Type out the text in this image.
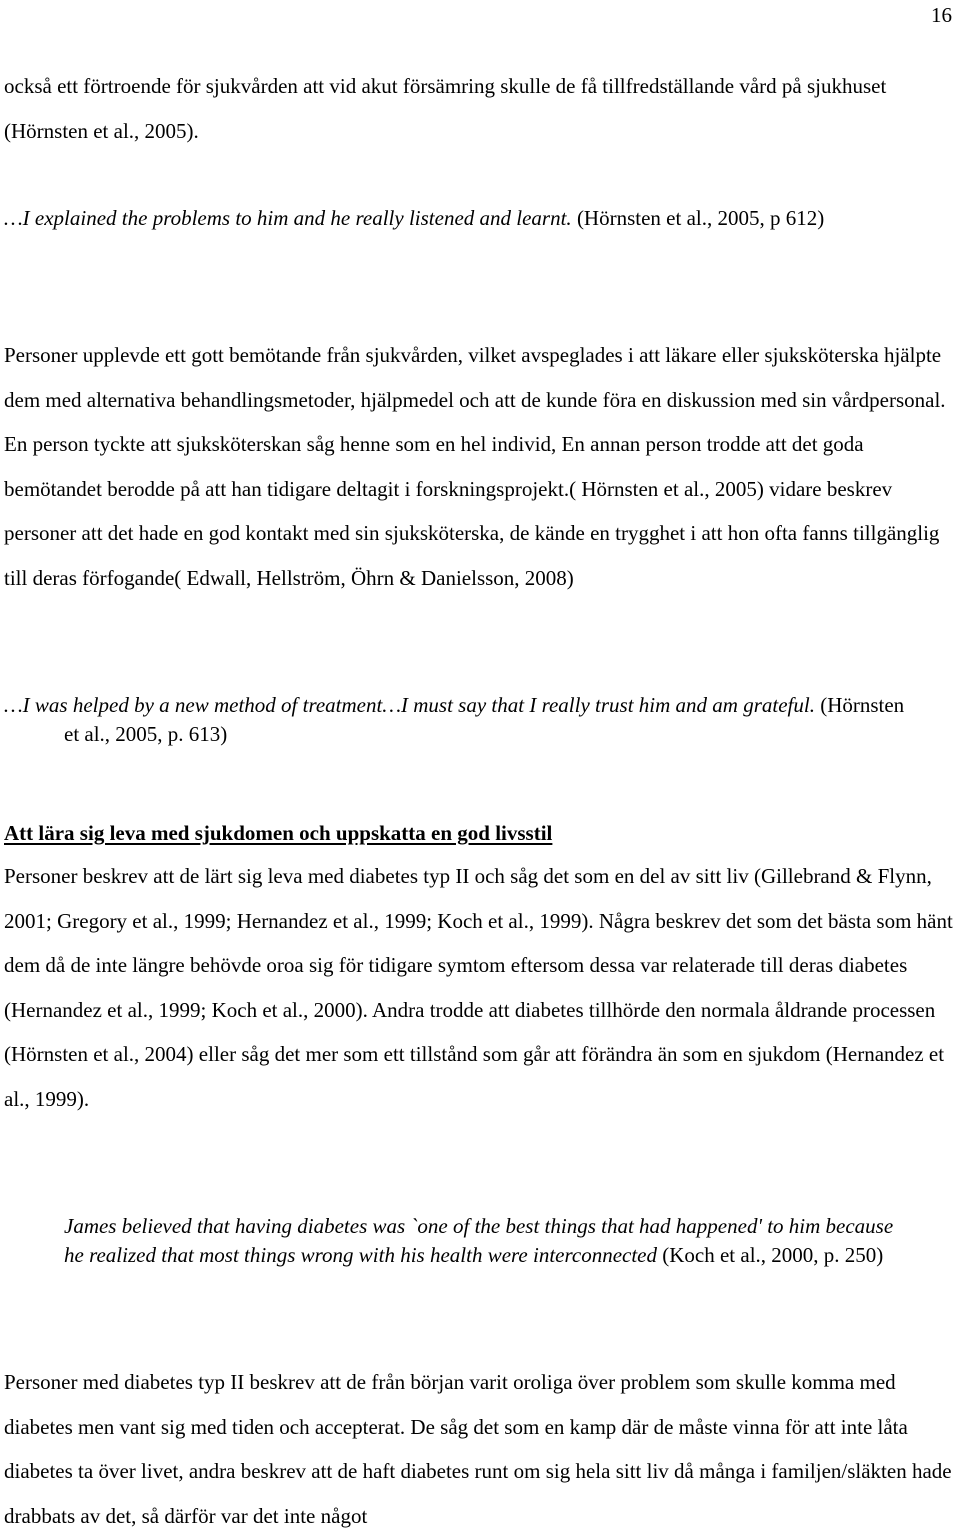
16

också ett förtroende för sjukvården att vid akut försämring skulle de få tillfredställande vård på sjukhuset (Hörnsten et al., 2005).

…I explained the problems to him and he really listened and learnt. (Hörnsten et al., 2005, p 612)

Personer upplevde ett gott bemötande från sjukvården, vilket avspeglades i att läkare eller sjuksköterska hjälpte dem med alternativa behandlingsmetoder, hjälpmedel och att de kunde föra en diskussion med sin vårdpersonal. En person tyckte att sjuksköterskan såg henne som en hel individ, En annan person trodde att det goda bemötandet berodde på att han tidigare deltagit i forskningsprojekt.( Hörnsten et al., 2005) vidare beskrev personer att det hade en god kontakt med sin sjuksköterska, de kände en trygghet i att hon ofta fanns tillgänglig till deras förfogande( Edwall, Hellström, Öhrn & Danielsson, 2008)

…I was helped by a new method of treatment…I must say that I really trust him and am grateful. (Hörnsten et al., 2005, p. 613)

Att lära sig leva med sjukdomen och uppskatta en god livsstil

Personer beskrev att de lärt sig leva med diabetes typ II och såg det som en del av sitt liv (Gillebrand & Flynn, 2001; Gregory et al., 1999; Hernandez et al., 1999; Koch et al., 1999). Några beskrev det som det bästa som hänt dem då de inte längre behövde oroa sig för tidigare symtom eftersom dessa var relaterade till deras diabetes (Hernandez et al., 1999; Koch et al., 2000). Andra trodde att diabetes tillhörde den normala åldrande processen (Hörnsten et al., 2004) eller såg det mer som ett tillstånd som går att förändra än som en sjukdom (Hernandez et al., 1999).

James believed that having diabetes was `one of the best things that had happened' to him because he realized that most things wrong with his health were interconnected (Koch et al., 2000, p. 250)

Personer med diabetes typ II beskrev att de från början varit oroliga över problem som skulle komma med diabetes men vant sig med tiden och accepterat. De såg det som en kamp där de måste vinna för att inte låta diabetes ta över livet, andra beskrev att de haft diabetes runt om sig hela sitt liv då många i familjen/släkten hade drabbats av det, så därför var det inte något
